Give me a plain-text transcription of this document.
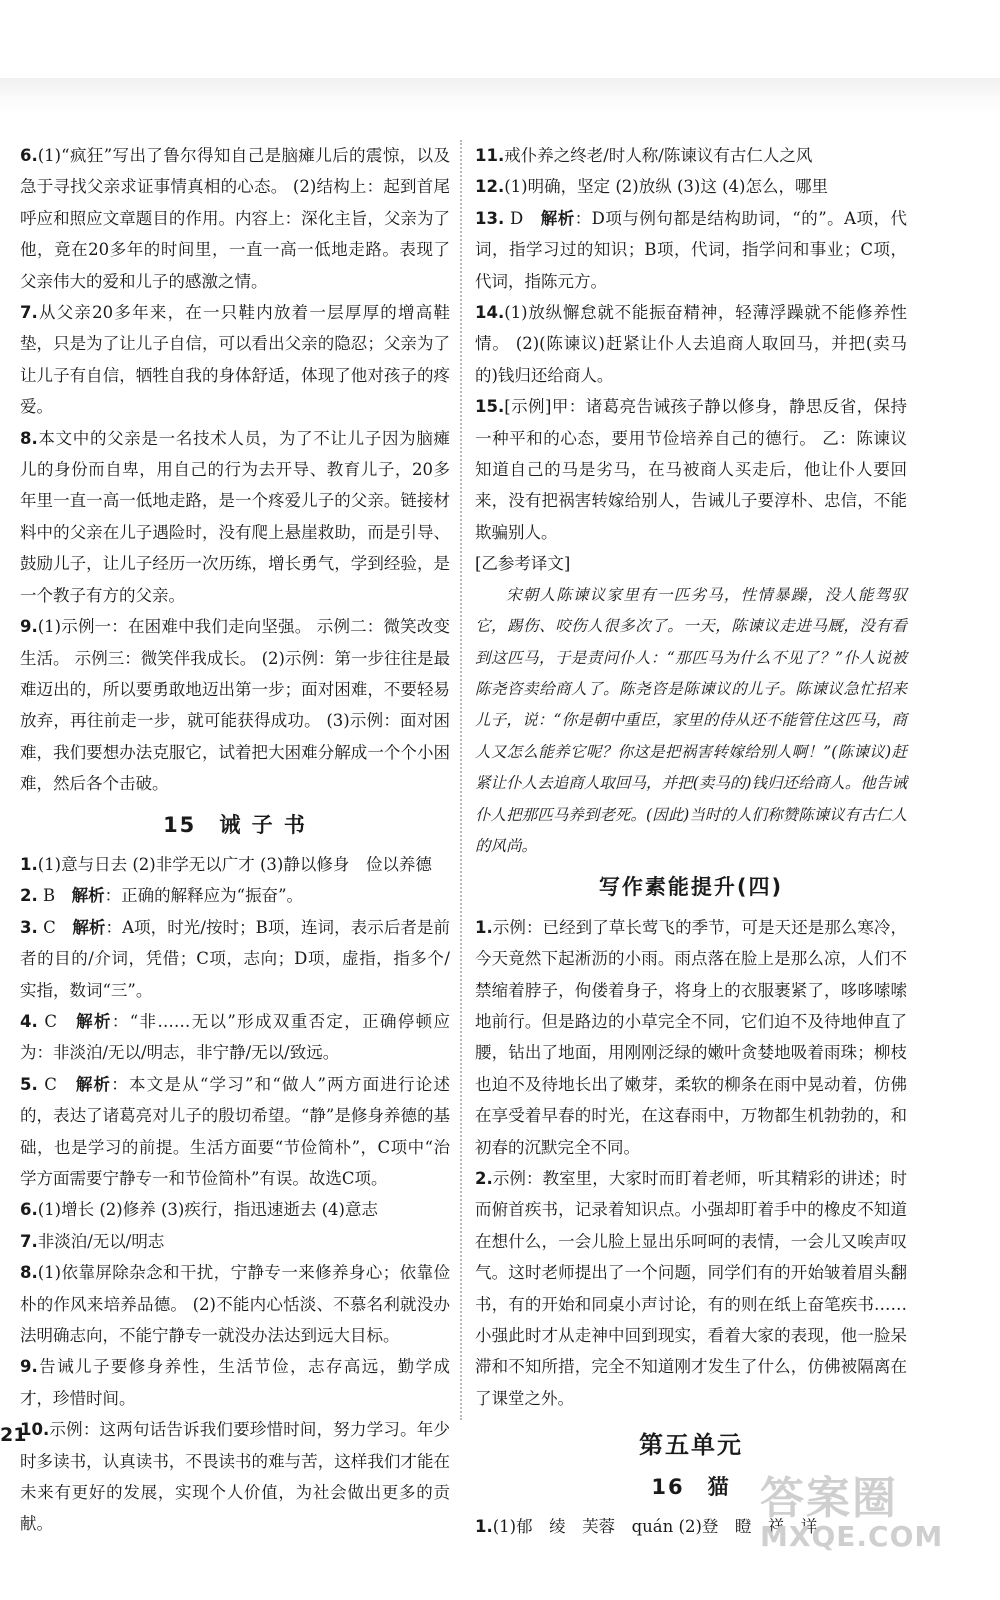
6.(1)“疯狂”写出了鲁尔得知自己是脑瘫儿后的震惊，以及急于寻找父亲求证事情真相的心态。 (2)结构上：起到首尾呼应和照应文章题目的作用。内容上：深化主旨，父亲为了他，竟在20多年的时间里，一直一高一低地走路。表现了父亲伟大的爱和儿子的感激之情。

7.从父亲20多年来，在一只鞋内放着一层厚厚的增高鞋垫，只是为了让儿子自信，可以看出父亲的隐忍；父亲为了让儿子有自信，牺牲自我的身体舒适，体现了他对孩子的疼爱。

8.本文中的父亲是一名技术人员，为了不让儿子因为脑瘫儿的身份而自卑，用自己的行为去开导、教育儿子，20多年里一直一高一低地走路，是一个疼爱儿子的父亲。链接材料中的父亲在儿子遇险时，没有爬上悬崖救助，而是引导、鼓励儿子，让儿子经历一次历练，增长勇气，学到经验，是一个教子有方的父亲。

9.(1)示例一：在困难中我们走向坚强。 示例二：微笑改变生活。 示例三：微笑伴我成长。 (2)示例：第一步往往是最难迈出的，所以要勇敢地迈出第一步；面对困难，不要轻易放弃，再往前走一步，就可能获得成功。 (3)示例：面对困难，我们要想办法克服它，试着把大困难分解成一个个小困难，然后各个击破。

15　诫 子 书

1.(1)意与日去 (2)非学无以广才 (3)静以修身　俭以养德

2. B　 解析：正确的解释应为“振奋”。

3. C　 解析：A项，时光/按时；B项，连词，表示后者是前者的目的/介词，凭借；C项，志向；D项，虚指，指多个/实指，数词“三”。

4. C　 解析：“非……无以”形成双重否定，正确停顿应为：非淡泊/无以/明志，非宁静/无以/致远。

5. C　 解析：本文是从“学习”和“做人”两方面进行论述的，表达了诸葛亮对儿子的殷切希望。“静”是修身养德的基础，也是学习的前提。生活方面要“节俭简朴”，C项中“治学方面需要宁静专一和节俭简朴”有误。故选C项。

6.(1)增长 (2)修养 (3)疾行，指迅速逝去 (4)意志

7.非淡泊/无以/明志

8.(1)依靠屏除杂念和干扰，宁静专一来修养身心；依靠俭朴的作风来培养品德。 (2)不能内心恬淡、不慕名利就没办法明确志向，不能宁静专一就没办法达到远大目标。

9.告诫儿子要修身养性，生活节俭，志存高远，勤学成才，珍惜时间。

10.示例：这两句话告诉我们要珍惜时间，努力学习。年少时多读书，认真读书，不畏读书的难与苦，这样我们才能在未来有更好的发展，实现个人价值，为社会做出更多的贡献。

11.戒仆养之终老/时人称/陈谏议有古仁人之风

12.(1)明确，坚定 (2)放纵 (3)这 (4)怎么，哪里

13. D　 解析：D项与例句都是结构助词，“的”。A项，代词，指学习过的知识；B项，代词，指学问和事业；C项，代词，指陈元方。

14.(1)放纵懈怠就不能振奋精神，轻薄浮躁就不能修养性情。 (2)(陈谏议)赶紧让仆人去追商人取回马，并把(卖马的)钱归还给商人。

15.[示例]甲：诸葛亮告诫孩子静以修身，静思反省，保持一种平和的心态，要用节俭培养自己的德行。 乙：陈谏议知道自己的马是劣马，在马被商人买走后，他让仆人要回来，没有把祸害转嫁给别人，告诫儿子要淳朴、忠信，不能欺骗别人。

[乙参考译文]

宋朝人陈谏议家里有一匹劣马，性情暴躁，没人能驾驭它，踢伤、咬伤人很多次了。一天，陈谏议走进马厩，没有看到这匹马，于是责问仆人：“那匹马为什么不见了？”仆人说被陈尧咨卖给商人了。陈尧咨是陈谏议的儿子。陈谏议急忙招来儿子，说：“你是朝中重臣，家里的侍从还不能管住这匹马，商人又怎么能养它呢？你这是把祸害转嫁给别人啊！”(陈谏议)赶紧让仆人去追商人取回马，并把(卖马的)钱归还给商人。他告诫仆人把那匹马养到老死。(因此)当时的人们称赞陈谏议有古仁人的风尚。

写作素能提升(四)

1.示例：已经到了草长莺飞的季节，可是天还是那么寒冷，今天竟然下起淅沥的小雨。雨点落在脸上是那么凉，人们不禁缩着脖子，佝偻着身子，将身上的衣服裹紧了，哆哆嗦嗦地前行。但是路边的小草完全不同，它们迫不及待地伸直了腰，钻出了地面，用刚刚泛绿的嫩叶贪婪地吸着雨珠；柳枝也迫不及待地长出了嫩芽，柔软的柳条在雨中晃动着，仿佛在享受着早春的时光，在这春雨中，万物都生机勃勃的，和初春的沉默完全不同。

2.示例：教室里，大家时而盯着老师，听其精彩的讲述；时而俯首疾书，记录着知识点。小强却盯着手中的橡皮不知道在想什么，一会儿脸上显出乐呵呵的表情，一会儿又唉声叹气。这时老师提出了一个问题，同学们有的开始皱着眉头翻书，有的开始和同桌小声讨论，有的则在纸上奋笔疾书……小强此时才从走神中回到现实，看着大家的表现，他一脸呆滞和不知所措，完全不知道刚才发生了什么，仿佛被隔离在了课堂之外。

第五单元
16　猫

1.(1)郁　绫　芙蓉　quán (2)登　瞪　祥　详

21
答案圈
MXQE.COM
